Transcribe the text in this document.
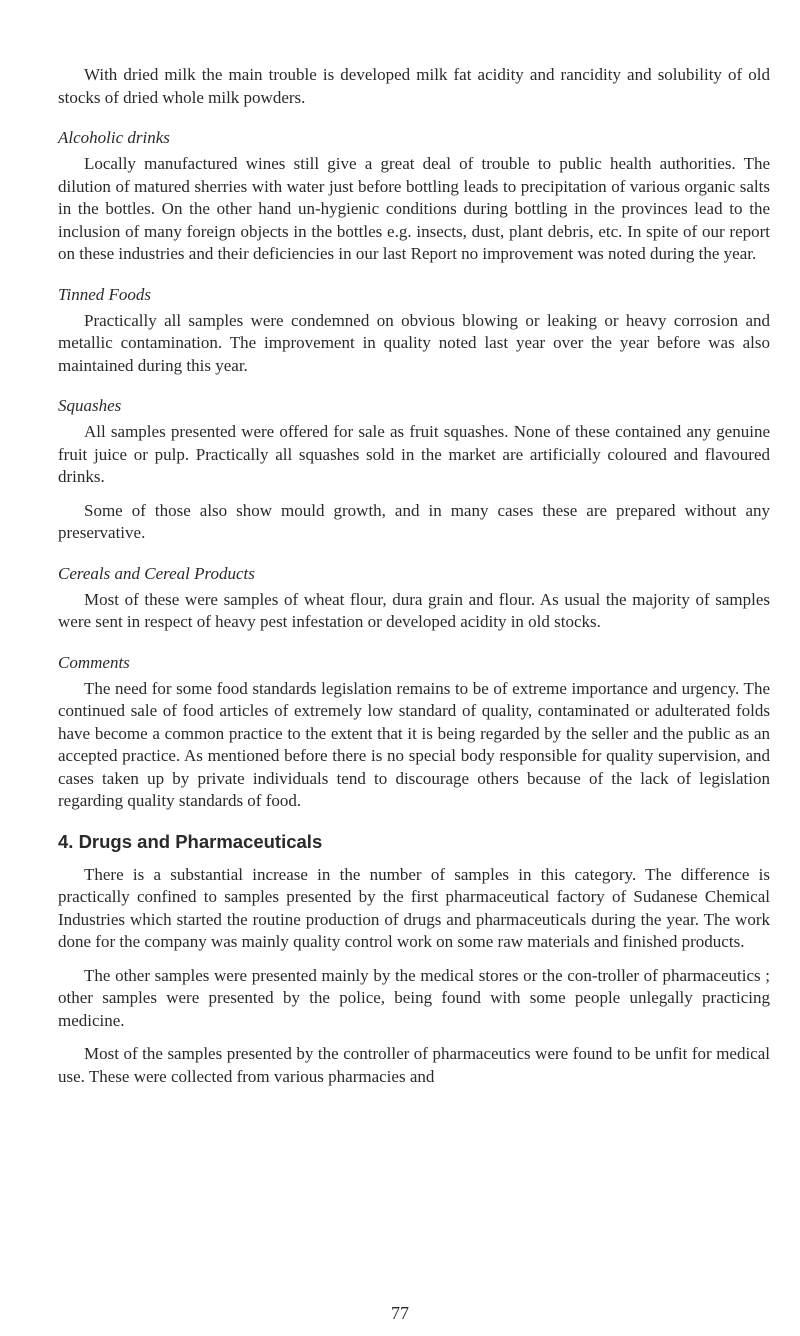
With dried milk the main trouble is developed milk fat acidity and rancidity and solubility of old stocks of dried whole milk powders.

Alcoholic drinks

Locally manufactured wines still give a great deal of trouble to public health authorities. The dilution of matured sherries with water just before bottling leads to precipitation of various organic salts in the bottles. On the other hand un-hygienic conditions during bottling in the provinces lead to the inclusion of many foreign objects in the bottles e.g. insects, dust, plant debris, etc. In spite of our report on these industries and their deficiencies in our last Report no improvement was noted during the year.

Tinned Foods

Practically all samples were condemned on obvious blowing or leaking or heavy corrosion and metallic contamination. The improvement in quality noted last year over the year before was also maintained during this year.

Squashes

All samples presented were offered for sale as fruit squashes. None of these contained any genuine fruit juice or pulp. Practically all squashes sold in the market are artificially coloured and flavoured drinks.

Some of those also show mould growth, and in many cases these are prepared without any preservative.

Cereals and Cereal Products

Most of these were samples of wheat flour, dura grain and flour. As usual the majority of samples were sent in respect of heavy pest infestation or developed acidity in old stocks.

Comments

The need for some food standards legislation remains to be of extreme importance and urgency. The continued sale of food articles of extremely low standard of quality, contaminated or adulterated folds have become a common practice to the extent that it is being regarded by the seller and the public as an accepted practice. As mentioned before there is no special body responsible for quality supervision, and cases taken up by private individuals tend to discourage others because of the lack of legislation regarding quality standards of food.

4. Drugs and Pharmaceuticals

There is a substantial increase in the number of samples in this category. The difference is practically confined to samples presented by the first pharmaceutical factory of Sudanese Chemical Industries which started the routine production of drugs and pharmaceuticals during the year. The work done for the company was mainly quality control work on some raw materials and finished products.

The other samples were presented mainly by the medical stores or the con-troller of pharmaceutics ; other samples were presented by the police, being found with some people unlegally practicing medicine.

Most of the samples presented by the controller of pharmaceutics were found to be unfit for medical use. These were collected from various pharmacies and

77
